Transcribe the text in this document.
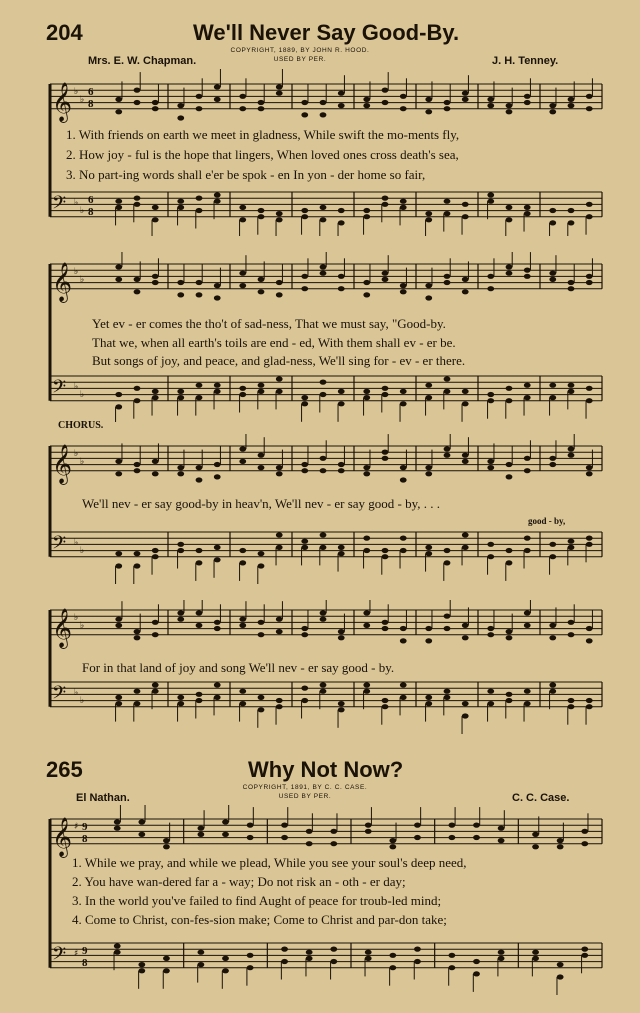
204	We'll Never Say Good-By.
COPYRIGHT, 1889, BY JOHN R. HOOD.
USED BY PER.
Mrs. E. W. Chapman.	J. H. Tenney.
𝄞 ♭
♭
6
8
𝄢 ♭
♭
6
8
1. With friends on earth we meet in gladness, While swift the mo-ments fly,
2. How joy - ful is the hope that lingers, When loved ones cross death's sea,
3. No part-ing words shall e'er be spok - en In yon - der home so fair,
𝄞 ♭
♭
𝄢 ♭
♭
Yet ev - er comes the tho't of sad-ness, That we must say, "Good-by.
That we, when all earth's toils are end - ed, With them shall ev - er be.
But songs of joy, and peace, and glad-ness, We'll sing for - ev - er there.
CHORUS.
𝄞 ♭
♭
𝄢 ♭
♭
We'll nev - er say good-by in heav'n, We'll nev - er say good - by, . . .
good - by,
𝄞 ♭
♭
𝄢 ♭
♭
For in that land of joy and song We'll nev - er say good - by.
265	Why Not Now?
COPYRIGHT, 1891, BY C. C. CASE.
USED BY PER.
El Nathan.	C. C. Case.
𝄞 ♯ 9
8
𝄢 ♯ 9
8
1. While we pray, and while we plead, While you see your soul's deep need,
2. You have wan-dered far a - way; Do not risk an - oth - er day;
3. In the world you've failed to find Aught of peace for troub-led mind;
4. Come to Christ, con-fes-sion make; Come to Christ and par-don take;
